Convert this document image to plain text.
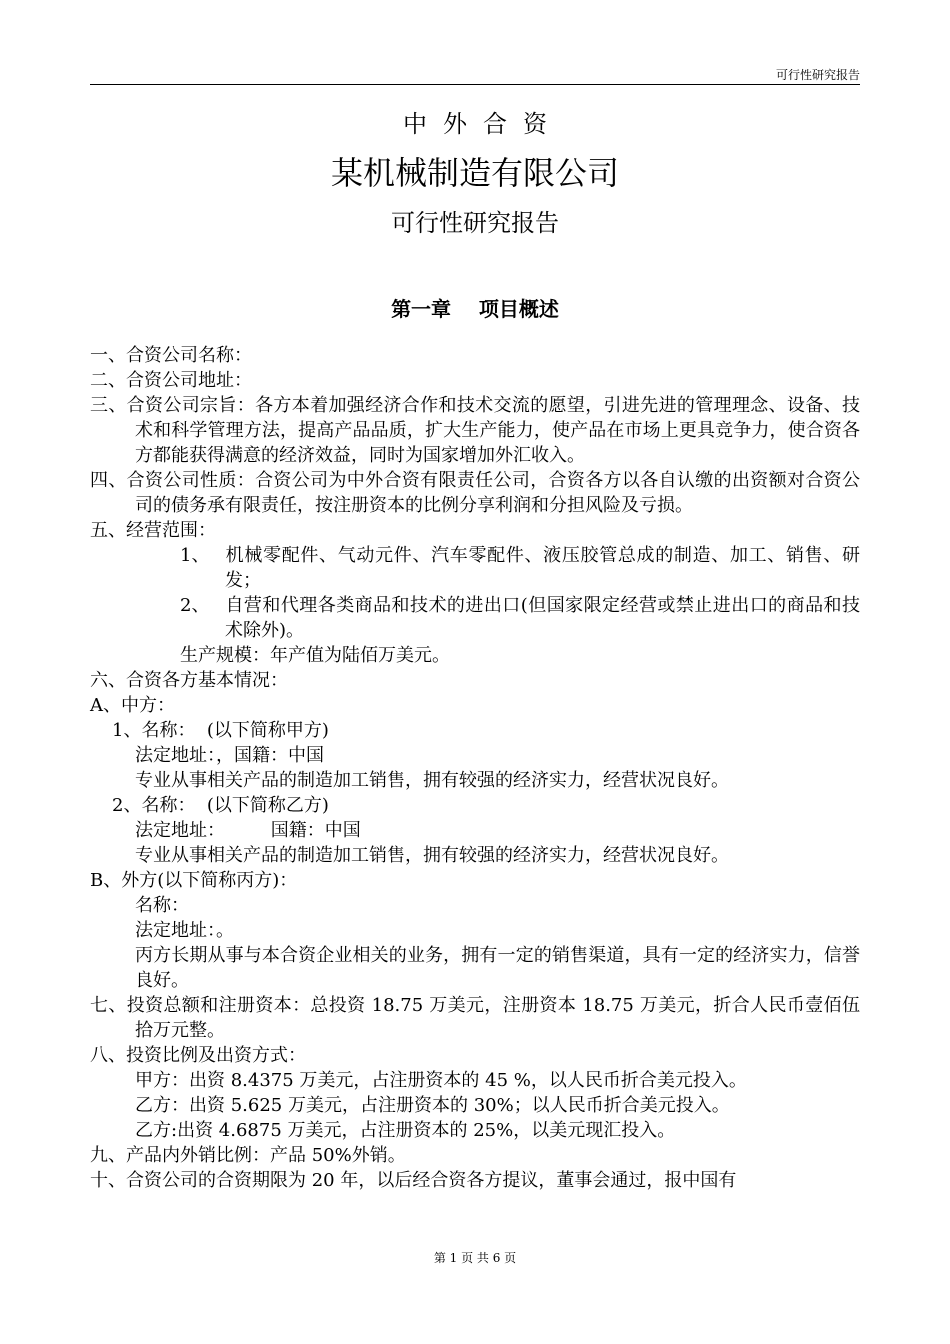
可行性研究报告
中外合资
某机械制造有限公司
可行性研究报告
第一章    项目概述
一、合资公司名称：
二、合资公司地址：
三、合资公司宗旨：各方本着加强经济合作和技术交流的愿望，引进先进的管理理念、设备、技术和科学管理方法，提高产品品质，扩大生产能力，使产品在市场上更具竞争力，使合资各方都能获得满意的经济效益，同时为国家增加外汇收入。
四、合资公司性质：合资公司为中外合资有限责任公司，合资各方以各自认缴的出资额对合资公司的债务承有限责任，按注册资本的比例分享利润和分担风险及亏损。
五、经营范围：
1、 机械零配件、气动元件、汽车零配件、液压胶管总成的制造、加工、销售、研发；
2、 自营和代理各类商品和技术的进出口(但国家限定经营或禁止进出口的商品和技术除外)。
生产规模：年产值为陆佰万美元。
六、合资各方基本情况：
A、中方：
1、名称：  (以下简称甲方)
法定地址：，国籍：中国
专业从事相关产品的制造加工销售，拥有较强的经济实力，经营状况良好。
2、名称：  (以下简称乙方)
法定地址：        国籍：中国
专业从事相关产品的制造加工销售，拥有较强的经济实力，经营状况良好。
B、外方(以下简称丙方)：
名称：
法定地址：。
丙方长期从事与本合资企业相关的业务，拥有一定的销售渠道，具有一定的经济实力，信誉良好。
七、投资总额和注册资本：总投资 18.75 万美元，注册资本 18.75 万美元，折合人民币壹佰伍拾万元整。
八、投资比例及出资方式：
甲方：出资 8.4375 万美元，占注册资本的 45 %，以人民币折合美元投入。
乙方：出资 5.625 万美元，占注册资本的 30%；以人民币折合美元投入。
乙方:出资 4.6875 万美元，占注册资本的 25%，以美元现汇投入。
九、产品内外销比例：产品 50%外销。
十、合资公司的合资期限为 20 年，以后经合资各方提议，董事会通过，报中国有
第 1 页 共 6 页
